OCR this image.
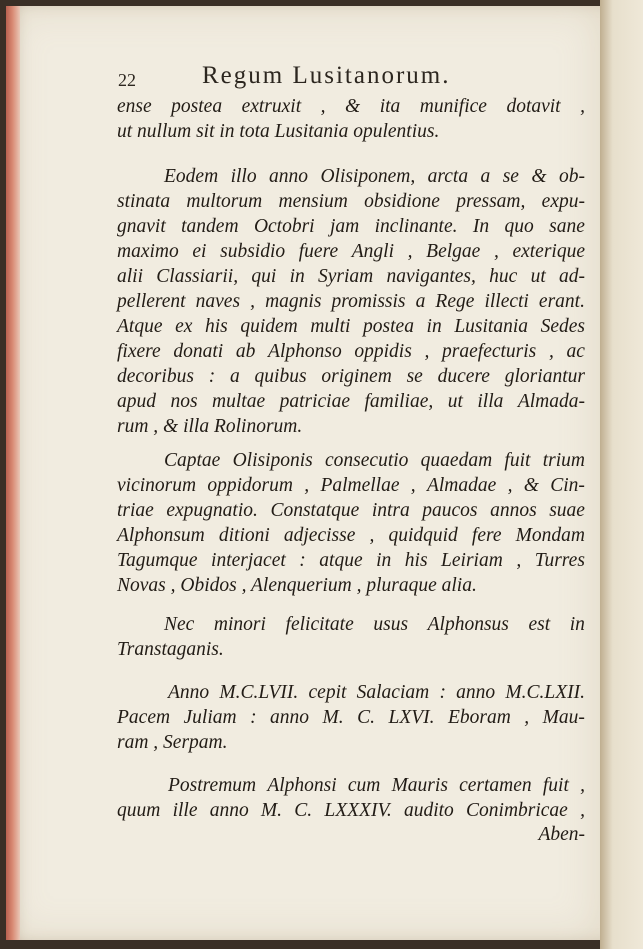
22	Regum Lusitanorum.
ense postea extruxit , & ita munifice dotavit ,
ut nullum sit in tota Lusitania opulentius.
Eodem illo anno Olisiponem, arcta a se & ob-
stinata multorum mensium obsidione pressam, expu-
gnavit tandem Octobri jam inclinante. In quo sane
maximo ei subsidio fuere Angli , Belgae , exterique
alii Classiarii, qui in Syriam navigantes, huc ut ad-
pellerent naves , magnis promissis a Rege illecti erant.
Atque ex his quidem multi postea in Lusitania Sedes
fixere donati ab Alphonso oppidis , praefecturis , ac
decoribus : a quibus originem se ducere gloriantur
apud nos multae patriciae familiae, ut illa Almada-
rum , & illa Rolinorum.
Captae Olisiponis consecutio quaedam fuit trium
vicinorum oppidorum , Palmellae , Almadae , & Cin-
triae expugnatio. Constatque intra paucos annos suae
Alphonsum ditioni adjecisse , quidquid fere Mondam
Tagumque interjacet : atque in his Leiriam , Turres
Novas , Obidos , Alenquerium , pluraque alia.
Nec minori felicitate usus Alphonsus est in
Transtaganis.
Anno M.C.LVII. cepit Salaciam : anno M.C.LXII.
Pacem Juliam : anno M. C. LXVI. Eboram , Mau-
ram , Serpam.
Postremum Alphonsi cum Mauris certamen fuit ,
quum ille anno M. C. LXXXIV. audito Conimbricae ,
Aben-
